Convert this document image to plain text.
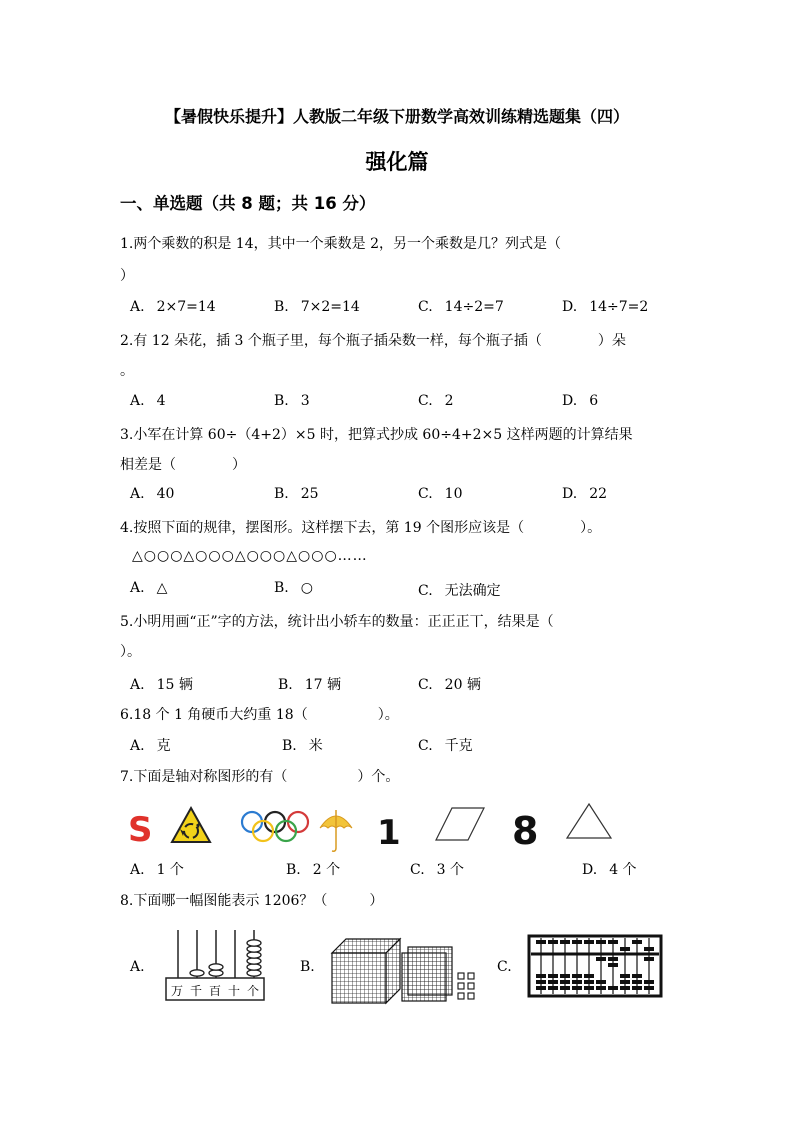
【暑假快乐提升】人教版二年级下册数学高效训练精选题集（四）
强化篇
一、单选题（共 8 题；共 16 分）
1.两个乘数的积是 14，其中一个乘数是 2，另一个乘数是几？列式是（
）
A. 2×7=14	B. 7×2=14	C. 14÷2=7	D. 14÷7=2
2.有 12 朵花，插 3 个瓶子里，每个瓶子插朵数一样，每个瓶子插（　　　　）朵
。
A. 4	B. 3	C. 2	D. 6
3.小军在计算 60÷（4+2）×5 时，把算式抄成 60÷4+2×5 这样两题的计算结果
相差是（　　　　）
A. 40	B. 25	C. 10	D. 22
4.按照下面的规律，摆图形。这样摆下去，第 19 个图形应该是（　　　　）。
△○○○△○○○△○○○△○○○……
A. △	B. ○	C. 无法确定
5.小明用画“正”字的方法，统计出小轿车的数量：正正正丅，结果是（
）。
A. 15 辆	B. 17 辆	C. 20 辆
6.18 个 1 角硬币大约重 18（　　　　　）。
A. 克	B. 米	C. 千克
7.下面是轴对称图形的有（　　　　　）个。
S	1	8
A. 1 个	B. 2 个	C. 3 个	D. 4 个
8.下面哪一幅图能表示 1206？（　　　）
A.	B.	C.
万 千 百 十 个
